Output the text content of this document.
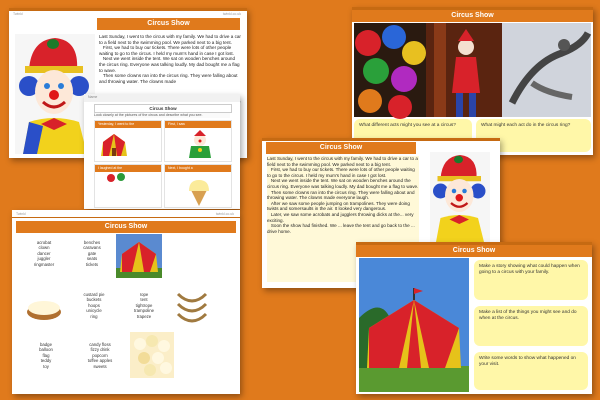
Twinkl	twinkl.co.uk
Circus Show
Last Sunday, I went to the circus with my family. We had to drive a car to a field next to the swimming pool. We parked next to a big tent.
First, we had to buy our tickets. There were lots of other people waiting to go to the circus. I held my mum's hand in case I got lost.
Next we went inside the tent. We sat on wooden benches around the circus ring. Everyone was talking loudly. My dad bought me a flag to wave.
Then some clowns ran into the circus ring. They were falling about and throwing water. The clowns made
Name
Circus Show
Look closely at the pictures of the circus and describe what you see.
Yesterday, I went to the	First, I saw
I laughed at the	Next, I bought a
Circus Show
What different acts might you see at a circus?	What might each act do in the circus ring?
Circus Show
Last Sunday, I went to the circus with my family. We had to drive a car to a field next to the swimming pool. We parked next to a big tent.
First, we had to buy our tickets. There were lots of other people waiting to go to the circus. I held my mum's hand in case I got lost.
Next we went inside the tent. We sat on wooden benches around the circus ring. Everyone was talking loudly. My dad bought me a flag to wave.
Then some clowns ran into the circus ring. They were falling about and throwing water. The clowns made everyone laugh.
After we saw some people jumping on trampolines. They were doing twists and somersaults in the air. It looked very dangerous.
Later, we saw some acrobats and jugglers throwing dicks at the... very exciting.
Soon the show had finished. We ... leave the tent and go back to the ... drive home.
Twinkl	twinkl.co.uk
Circus Show
acrobat
clown
dancer
juggler
ringmaster
benches
caravans
gate
seats
tickets
custard pie
buckets
hoops
unicycle
ring
rope
tent
tightrope
trampoline
trapeze
badge
balloon
flag
teddy
toy
candy floss
fizzy drink
popcorn
toffee apples
sweets
Circus Show
Make a story showing what could happen when going to a circus with your family.
Make a list of the things you might see and do when at the circus.
Write some words to show what happened on your visit.
